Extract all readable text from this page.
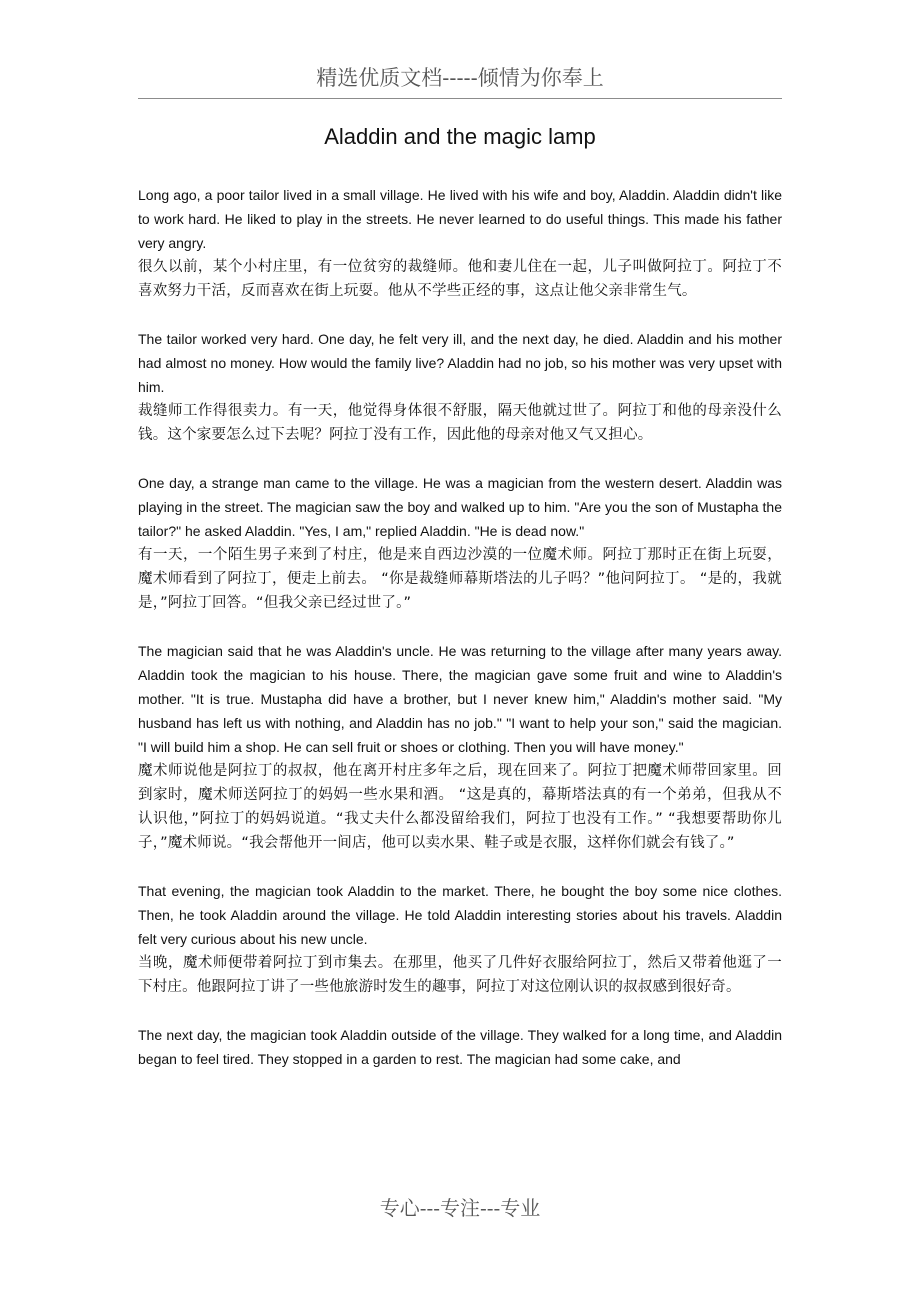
精选优质文档-----倾情为你奉上
Aladdin and the magic lamp

Long ago, a poor tailor lived in a small village. He lived with his wife and boy, Aladdin. Aladdin didn't like to work hard. He liked to play in the streets. He never learned to do useful things. This made his father very angry.

很久以前，某个小村庄里，有一位贫穷的裁缝师。他和妻儿住在一起，儿子叫做阿拉丁。阿拉丁不喜欢努力干活，反而喜欢在街上玩耍。他从不学些正经的事，这点让他父亲非常生气。

The tailor worked very hard. One day, he felt very ill, and the next day, he died. Aladdin and his mother had almost no money. How would the family live? Aladdin had no job, so his mother was very upset with him.

裁缝师工作得很卖力。有一天，他觉得身体很不舒服，隔天他就过世了。阿拉丁和他的母亲没什么钱。这个家要怎么过下去呢？阿拉丁没有工作，因此他的母亲对他又气又担心。

One day, a strange man came to the village. He was a magician from the western desert. Aladdin was playing in the street. The magician saw the boy and walked up to him. "Are you the son of Mustapha the tailor?" he asked Aladdin. "Yes, I am," replied Aladdin. "He is dead now."

有一天，一个陌生男子来到了村庄，他是来自西边沙漠的一位魔术师。阿拉丁那时正在街上玩耍，魔术师看到了阿拉丁，便走上前去。 “你是裁缝师幕斯塔法的儿子吗？”他问阿拉丁。 “是的，我就是，”阿拉丁回答。“但我父亲已经过世了。”

The magician said that he was Aladdin's uncle. He was returning to the village after many years away. Aladdin took the magician to his house. There, the magician gave some fruit and wine to Aladdin's mother. "It is true. Mustapha did have a brother, but I never knew him," Aladdin's mother said. "My husband has left us with nothing, and Aladdin has no job." "I want to help your son," said the magician. "I will build him a shop. He can sell fruit or shoes or clothing. Then you will have money."

魔术师说他是阿拉丁的叔叔，他在离开村庄多年之后，现在回来了。阿拉丁把魔术师带回家里。回到家时，魔术师送阿拉丁的妈妈一些水果和酒。 “这是真的，幕斯塔法真的有一个弟弟，但我从不认识他，”阿拉丁的妈妈说道。“我丈夫什么都没留给我们，阿拉丁也没有工作。” “我想要帮助你儿子，”魔术师说。“我会帮他开一间店，他可以卖水果、鞋子或是衣服，这样你们就会有钱了。”

That evening, the magician took Aladdin to the market. There, he bought the boy some nice clothes. Then, he took Aladdin around the village. He told Aladdin interesting stories about his travels. Aladdin felt very curious about his new uncle.

当晚，魔术师便带着阿拉丁到市集去。在那里，他买了几件好衣服给阿拉丁，然后又带着他逛了一下村庄。他跟阿拉丁讲了一些他旅游时发生的趣事，阿拉丁对这位刚认识的叔叔感到很好奇。

The next day, the magician took Aladdin outside of the village. They walked for a long time, and Aladdin began to feel tired. They stopped in a garden to rest. The magician had some cake, and

专心---专注---专业
